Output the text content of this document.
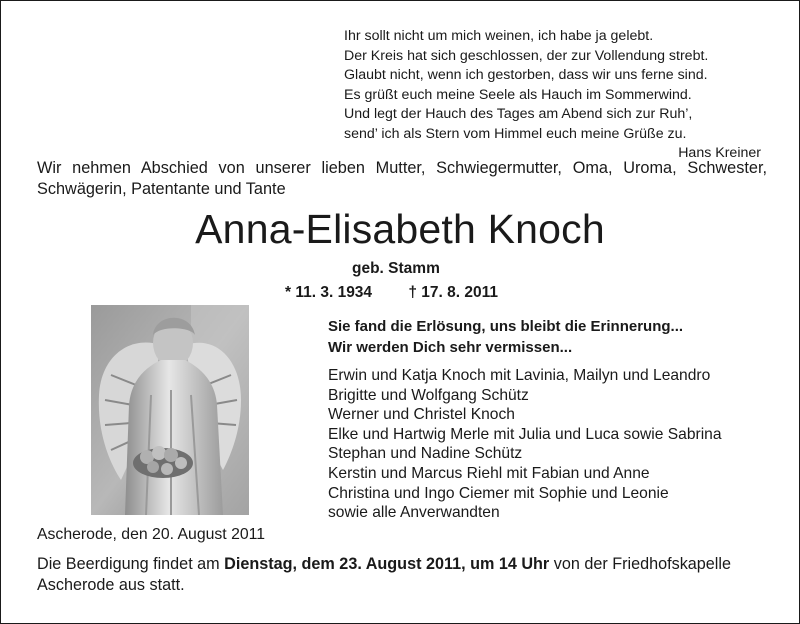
Ihr sollt nicht um mich weinen, ich habe ja gelebt.
Der Kreis hat sich geschlossen, der zur Vollendung strebt.
Glaubt nicht, wenn ich gestorben, dass wir uns ferne sind.
Es grüßt euch meine Seele als Hauch im Sommerwind.
Und legt der Hauch des Tages am Abend sich zur Ruh’,
send’ ich als Stern vom Himmel euch meine Grüße zu.
Hans Kreiner
Wir nehmen Abschied von unserer lieben Mutter, Schwiegermutter, Oma, Uroma, Schwester, Schwägerin, Patentante und Tante
Anna-Elisabeth Knoch
geb. Stamm
* 11. 3. 1934 † 17. 8. 2011
Sie fand die Erlösung, uns bleibt die Erinnerung...
Wir werden Dich sehr vermissen...
Erwin und Katja Knoch mit Lavinia, Mailyn und Leandro
Brigitte und Wolfgang Schütz
Werner und Christel Knoch
Elke und Hartwig Merle mit Julia und Luca sowie Sabrina
Stephan und Nadine Schütz
Kerstin und Marcus Riehl mit Fabian und Anne
Christina und Ingo Ciemer mit Sophie und Leonie
sowie alle Anverwandten
Ascherode, den 20. August 2011
Die Beerdigung findet am Dienstag, dem 23. August 2011, um 14 Uhr von der Friedhofskapelle Ascherode aus statt.
